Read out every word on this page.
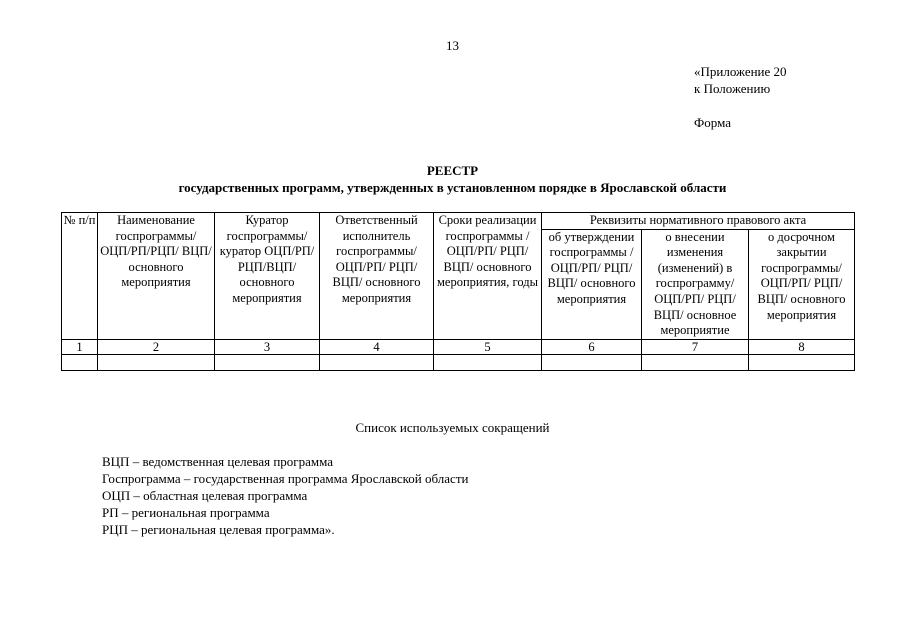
13
«Приложение 20
к Положению
Форма
РЕЕСТР
государственных программ, утвержденных в установленном порядке в Ярославской области
№ п/п	Наименование госпрограммы/ ОЦП/РП/РЦП/ ВЦП/ основного мероприятия	Куратор госпрограммы/ куратор ОЦП/РП/ РЦП/ВЦП/ основного мероприятия	Ответственный исполнитель госпрограммы/ ОЦП/РП/ РЦП/ВЦП/ основного мероприятия	Сроки реализации госпрограммы /ОЦП/РП/ РЦП/ВЦП/ основного мероприятия, годы	Реквизиты нормативного правового акта		
					об утверждении госпрограммы /ОЦП/РП/ РЦП/ВЦП/ основного мероприятия	о внесении изменения (изменений) в госпрограмму/ ОЦП/РП/ РЦП/ВЦП/ основное мероприятие	о досрочном закрытии госпрограммы/ ОЦП/РП/ РЦП/ВЦП/ основного мероприятия
1	2	3	4	5	6	7	8

Список используемых сокращений
ВЦП – ведомственная целевая программа
Госпрограмма – государственная программа Ярославской области
ОЦП – областная целевая программа
РП – региональная программа
РЦП – региональная целевая программа».
